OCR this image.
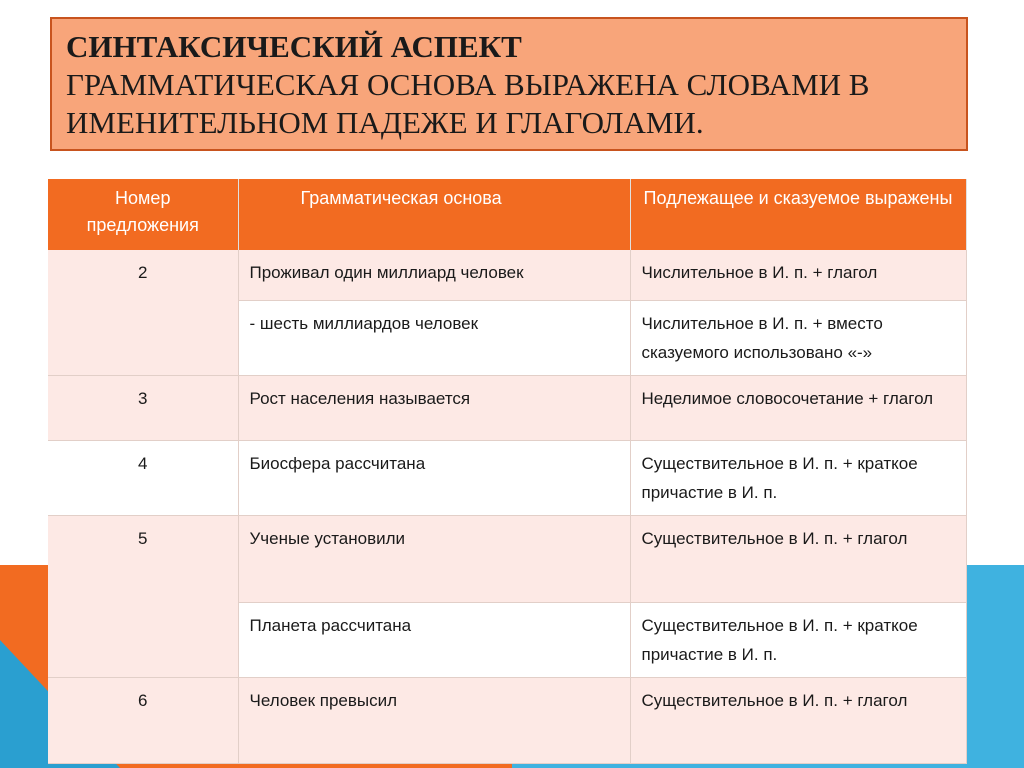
СИНТАКСИЧЕСКИЙ АСПЕКТ

ГРАММАТИЧЕСКАЯ ОСНОВА ВЫРАЖЕНА СЛОВАМИ В ИМЕНИТЕЛЬНОМ ПАДЕЖЕ И ГЛАГОЛАМИ.

Номер предложения	Грамматическая основа	Подлежащее и сказуемое выражены
2	Проживал один миллиард человек	Числительное в И. п. + глагол
	- шесть миллиардов человек	Числительное в И. п. + вместо сказуемого использовано «-»
3	Рост населения называется	Неделимое словосочетание + глагол
4	Биосфера рассчитана	Существительное в И. п. + краткое причастие в И. п.
5	Ученые установили	Существительное в И. п. + глагол
	Планета рассчитана	Существительное в И. п. + краткое причастие в И. п.
6	Человек превысил	Существительное в И. п. + глагол
